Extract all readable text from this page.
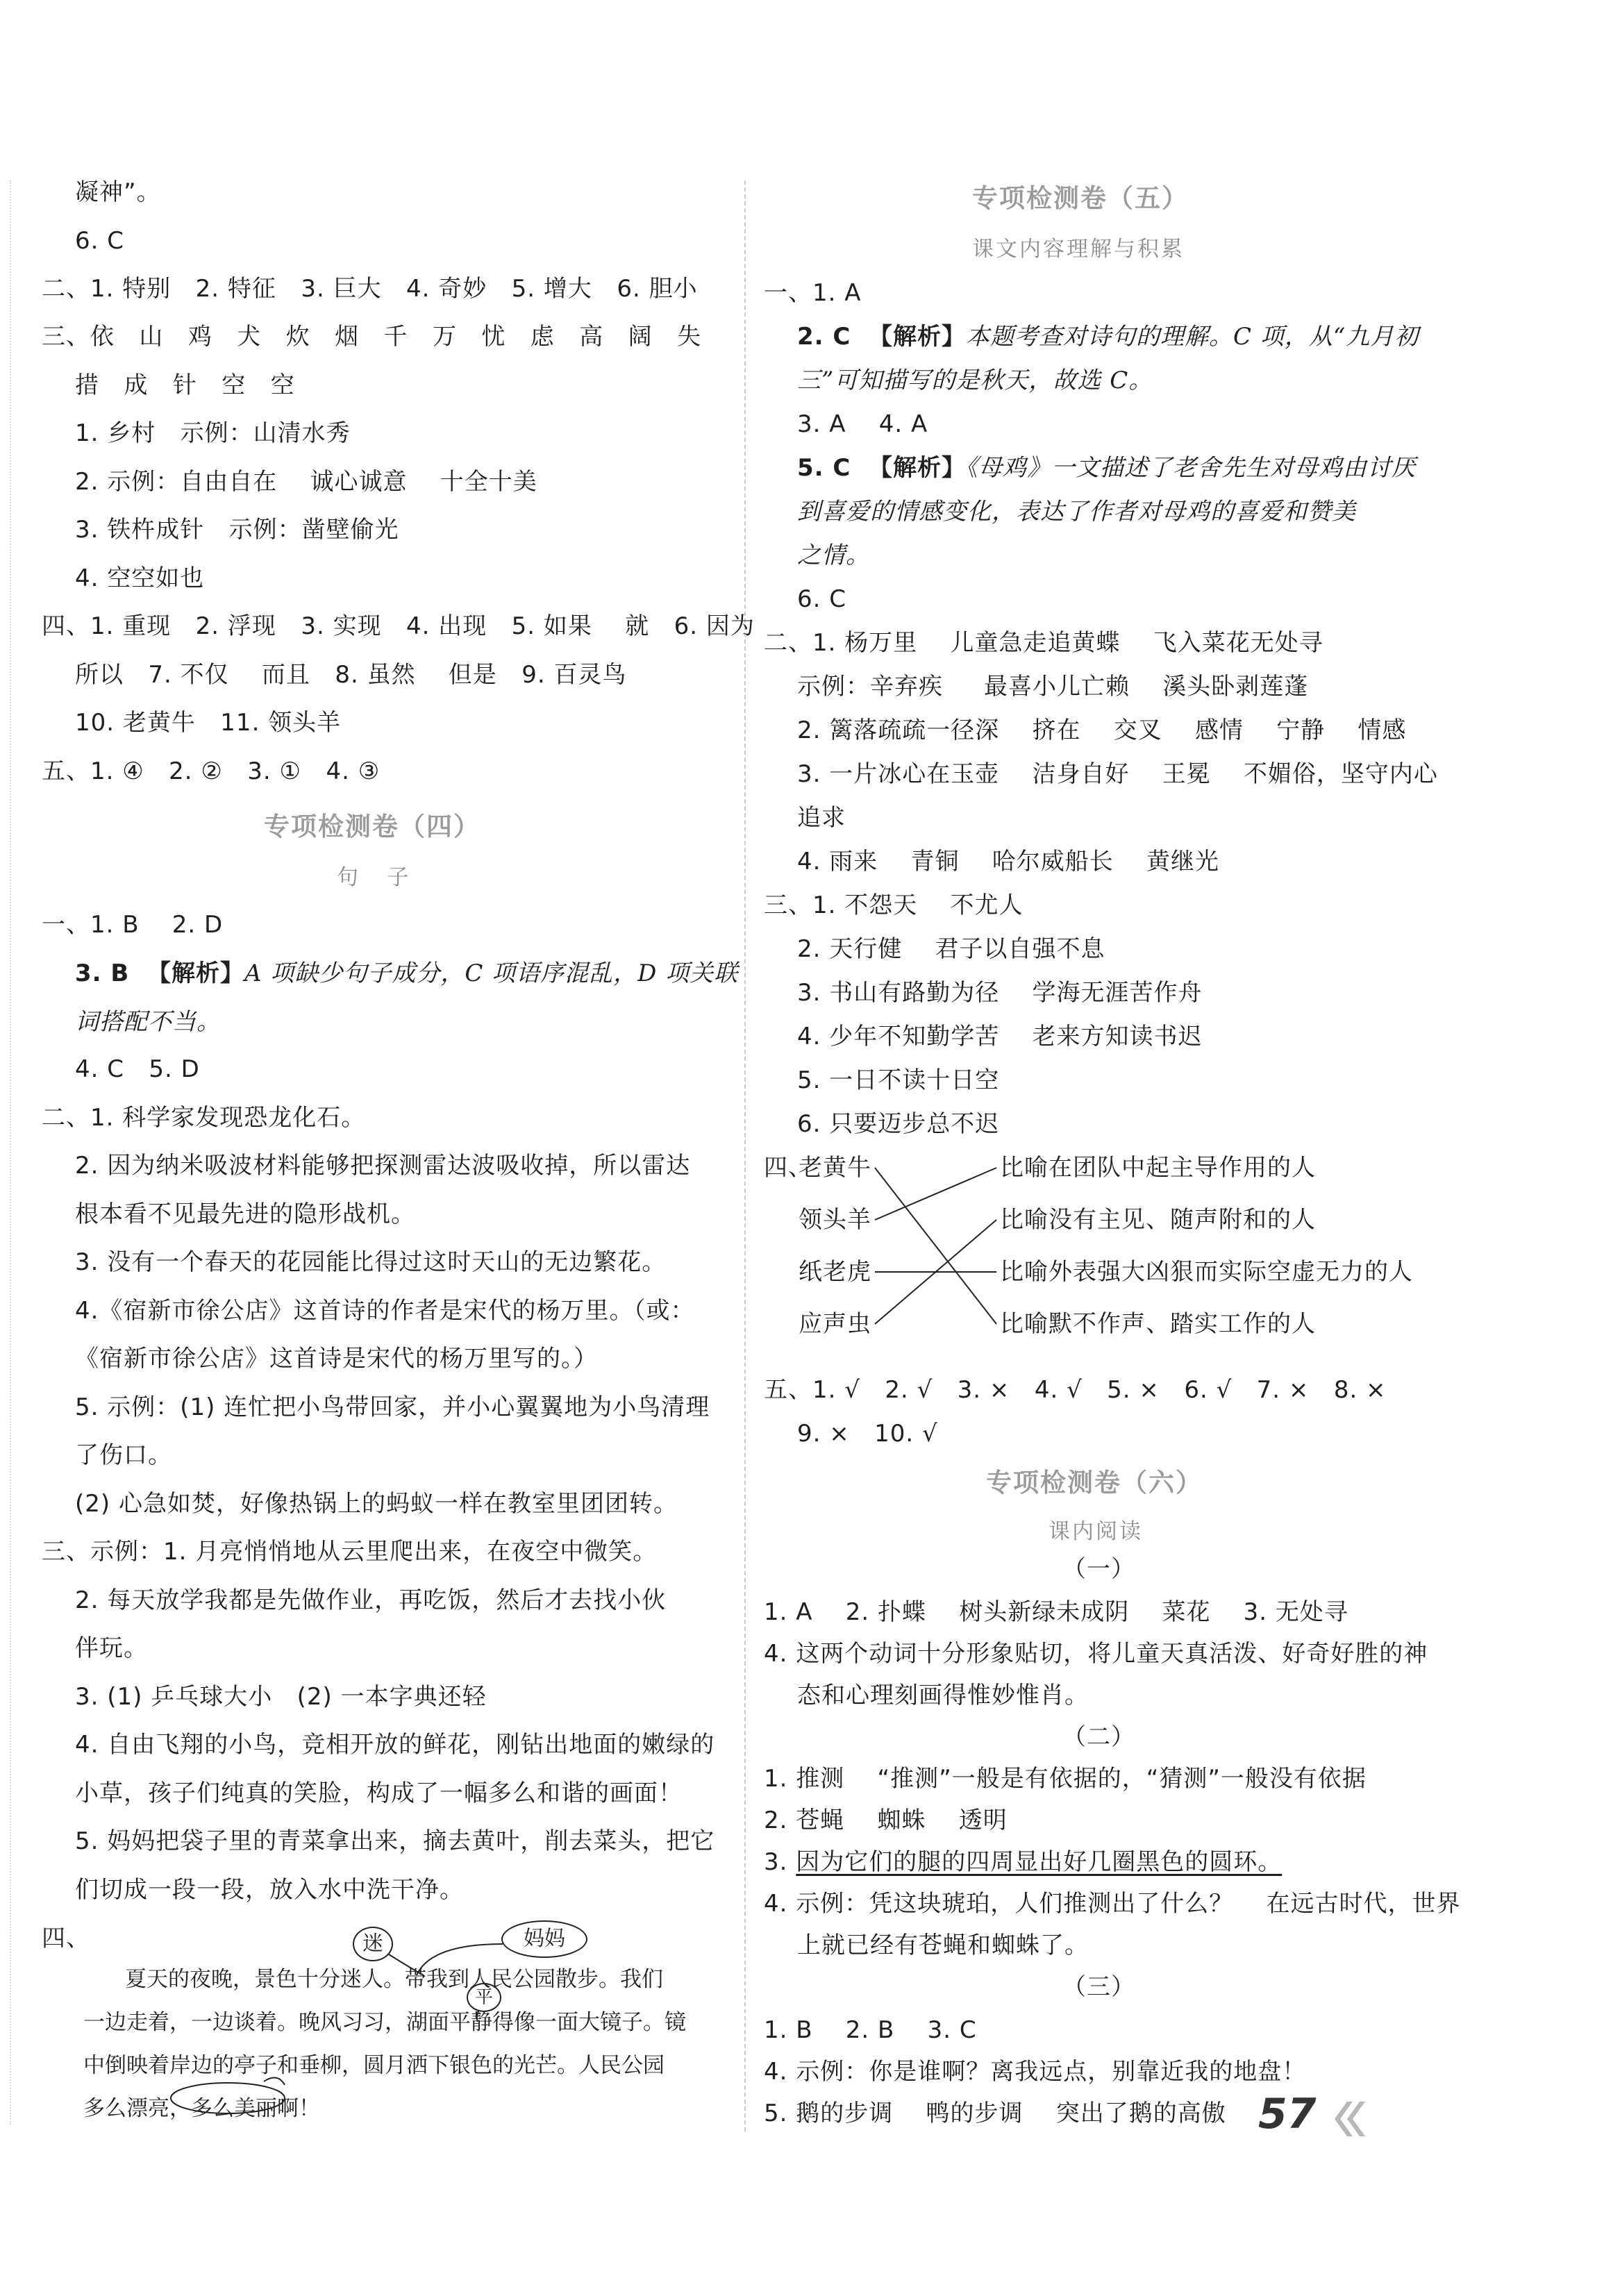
凝神”。
6. C
二、1. 特别   2. 特征   3. 巨大   4. 奇妙   5. 增大   6. 胆小
三、依   山   鸡   犬   炊   烟   千   万   忧   虑   高   阔   失
措   成   针   空   空
1. 乡村   示例：山清水秀
2. 示例：自由自在    诚心诚意    十全十美
3. 铁杵成针   示例：凿壁偷光
4. 空空如也
四、1. 重现   2. 浮现   3. 实现   4. 出现   5. 如果    就   6. 因为
所以   7. 不仅    而且   8. 虽然    但是   9. 百灵鸟
10. 老黄牛   11. 领头羊
五、1. ④   2. ②   3. ①   4. ③
专项检测卷（四）
句   子
一、1. B    2. D
3. B  【解析】A 项缺少句子成分，C 项语序混乱，D 项关联
词搭配不当。
4. C   5. D
二、1. 科学家发现恐龙化石。
2. 因为纳米吸波材料能够把探测雷达波吸收掉，所以雷达
根本看不见最先进的隐形战机。
3. 没有一个春天的花园能比得过这时天山的无边繁花。
4.《宿新市徐公店》这首诗的作者是宋代的杨万里。（或：
《宿新市徐公店》这首诗是宋代的杨万里写的。）
5. 示例：(1) 连忙把小鸟带回家，并小心翼翼地为小鸟清理
了伤口。
(2) 心急如焚，好像热锅上的蚂蚁一样在教室里团团转。
三、示例：1. 月亮悄悄地从云里爬出来，在夜空中微笑。
2. 每天放学我都是先做作业，再吃饭，然后才去找小伙
伴玩。
3. (1) 乒乓球大小   (2) 一本字典还轻
4. 自由飞翔的小鸟，竞相开放的鲜花，刚钻出地面的嫩绿的
小草，孩子们纯真的笑脸，构成了一幅多么和谐的画面！
5. 妈妈把袋子里的青菜拿出来，摘去黄叶，削去菜头，把它
们切成一段一段，放入水中洗干净。
四、
夏天的夜晚，景色十分迷人。带我到人民公园散步。我们
一边走着，一边谈着。晚风习习，湖面平静得像一面大镜子。镜
中倒映着岸边的亭子和垂柳，圆月洒下银色的光芒。人民公园
多么漂亮，多么美丽啊！
迷	妈妈
平
专项检测卷（五）
课文内容理解与积累
一、1. A
2. C  【解析】本题考查对诗句的理解。C 项，从“九月初
三”可知描写的是秋天，故选 C。
3. A    4. A
5. C  【解析】《母鸡》一文描述了老舍先生对母鸡由讨厌
到喜爱的情感变化，表达了作者对母鸡的喜爱和赞美
之情。
6. C
二、1. 杨万里    儿童急走追黄蝶    飞入菜花无处寻
示例：辛弃疾     最喜小儿亡赖    溪头卧剥莲蓬
2. 篱落疏疏一径深    挤在    交叉    感情    宁静    情感
3. 一片冰心在玉壶    洁身自好    王冕    不媚俗，坚守内心
追求
4. 雨来    青铜    哈尔威船长    黄继光
三、1. 不怨天    不尤人
2. 天行健    君子以自强不息
3. 书山有路勤为径    学海无涯苦作舟
4. 少年不知勤学苦    老来方知读书迟
5. 一日不读十日空
6. 只要迈步总不迟
四、
老黄牛
领头羊
纸老虎
应声虫
比喻在团队中起主导作用的人
比喻没有主见、随声附和的人
比喻外表强大凶狠而实际空虚无力的人
比喻默不作声、踏实工作的人
五、1. √   2. √   3. ×   4. √   5. ×   6. √   7. ×   8. ×
9. ×   10. √
专项检测卷（六）
课内阅读
（一）
1. A    2. 扑蝶    树头新绿未成阴    菜花    3. 无处寻
4. 这两个动词十分形象贴切，将儿童天真活泼、好奇好胜的神
态和心理刻画得惟妙惟肖。
（二）
1. 推测    “推测”一般是有依据的，“猜测”一般没有依据
2. 苍蝇    蜘蛛    透明
3. 因为它们的腿的四周显出好几圈黑色的圆环。
4. 示例：凭这块琥珀，人们推测出了什么？    在远古时代，世界
上就已经有苍蝇和蜘蛛了。
（三）
1. B    2. B    3. C
4. 示例：你是谁啊？离我远点，别靠近我的地盘！
5. 鹅的步调    鸭的步调    突出了鹅的高傲 57
